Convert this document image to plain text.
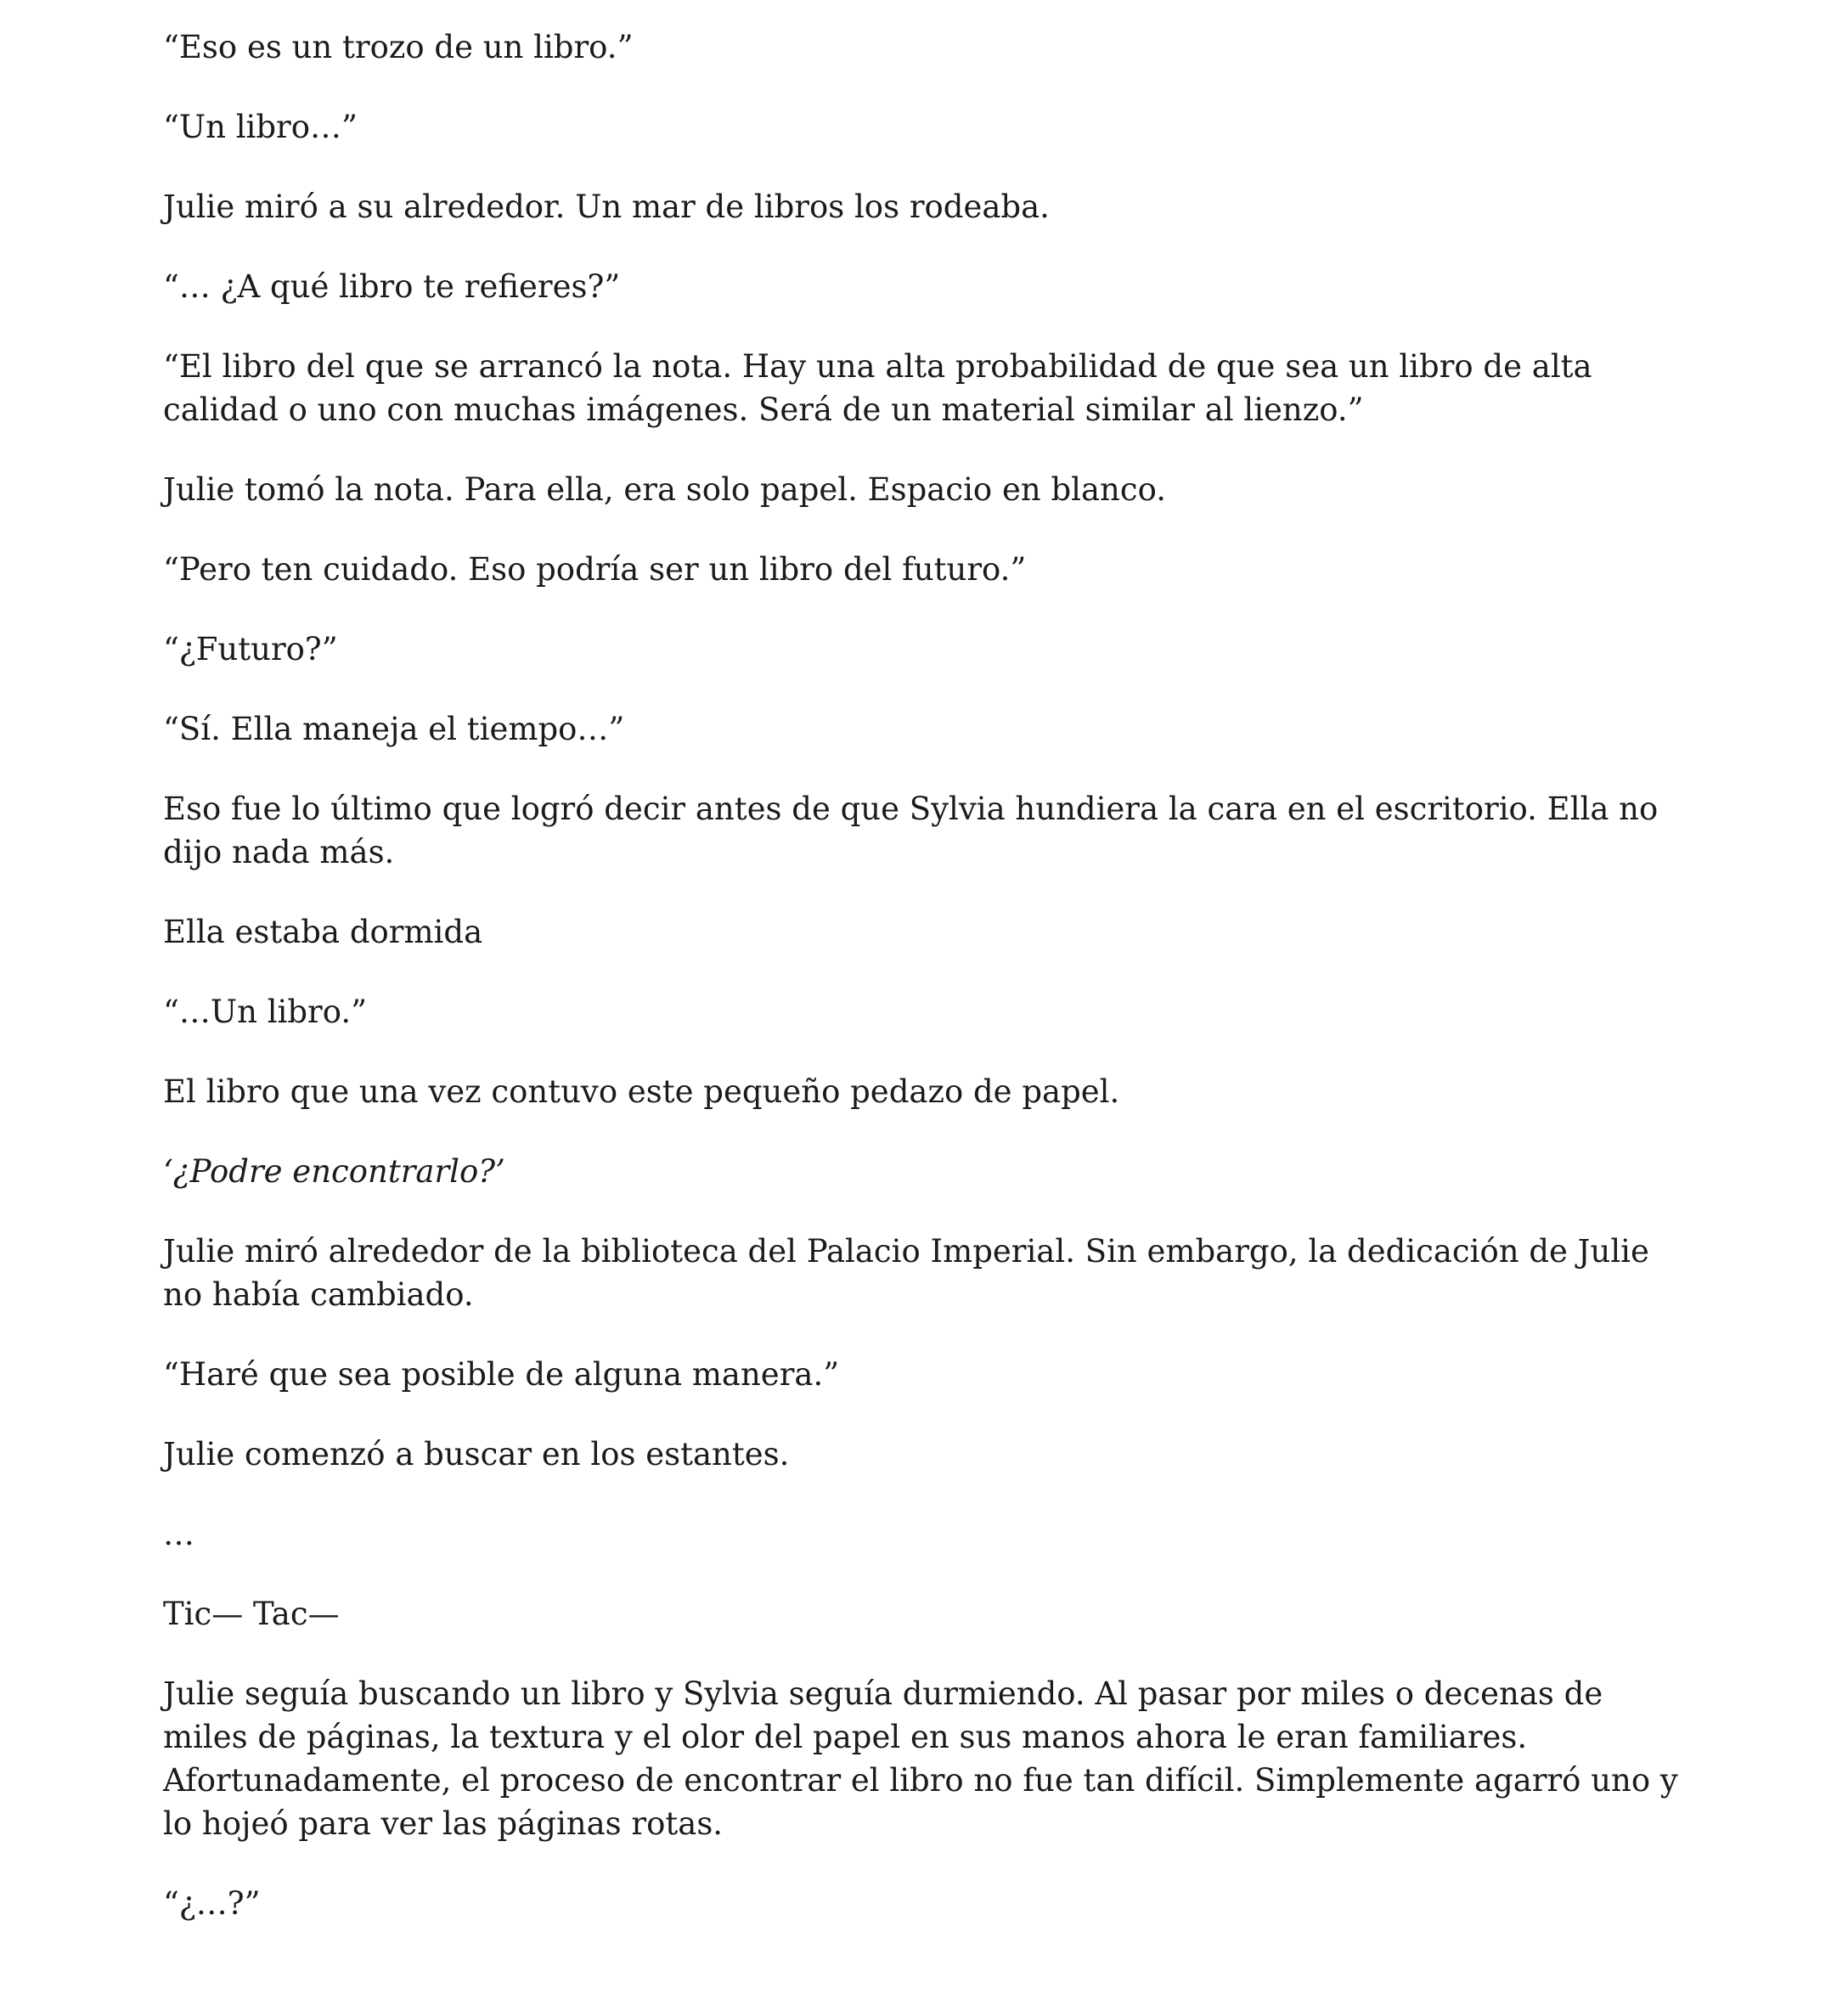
“Eso es un trozo de un libro.”

“Un libro…”

Julie miró a su alrededor. Un mar de libros los rodeaba.

“… ¿A qué libro te refieres?”

“El libro del que se arrancó la nota. Hay una alta probabilidad de que sea un libro de alta calidad o uno con muchas imágenes. Será de un material similar al lienzo.”

Julie tomó la nota. Para ella, era solo papel. Espacio en blanco.

“Pero ten cuidado. Eso podría ser un libro del futuro.”

“¿Futuro?”

“Sí. Ella maneja el tiempo…”

Eso fue lo último que logró decir antes de que Sylvia hundiera la cara en el escritorio. Ella no dijo nada más.

Ella estaba dormida

“…Un libro.”

El libro que una vez contuvo este pequeño pedazo de papel.

‘¿Podre encontrarlo?’

Julie miró alrededor de la biblioteca del Palacio Imperial. Sin embargo, la dedicación de Julie no había cambiado.

“Haré que sea posible de alguna manera.”

Julie comenzó a buscar en los estantes.

…

Tic— Tac—

Julie seguía buscando un libro y Sylvia seguía durmiendo. Al pasar por miles o decenas de miles de páginas, la textura y el olor del papel en sus manos ahora le eran familiares. Afortunadamente, el proceso de encontrar el libro no fue tan difícil. Simplemente agarró uno y lo hojeó para ver las páginas rotas.

“¿…?”
